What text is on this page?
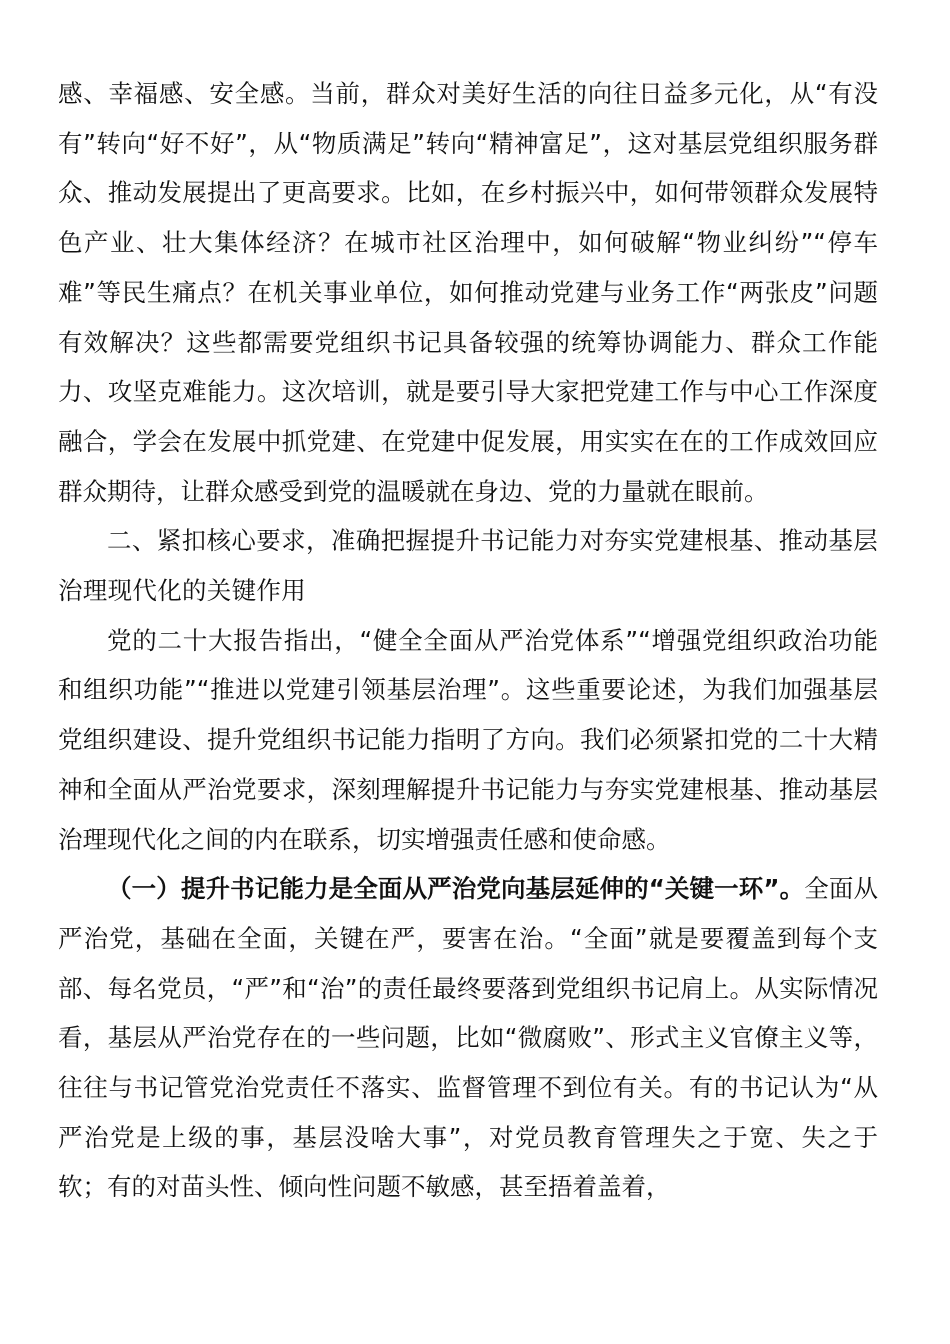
感、幸福感、安全感。当前，群众对美好生活的向往日益多元化，从“有没有”转向“好不好”，从“物质满足”转向“精神富足”，这对基层党组织服务群众、推动发展提出了更高要求。比如，在乡村振兴中，如何带领群众发展特色产业、壮大集体经济？在城市社区治理中，如何破解“物业纠纷”“停车难”等民生痛点？在机关事业单位，如何推动党建与业务工作“两张皮”问题有效解决？这些都需要党组织书记具备较强的统筹协调能力、群众工作能力、攻坚克难能力。这次培训，就是要引导大家把党建工作与中心工作深度融合，学会在发展中抓党建、在党建中促发展，用实实在在的工作成效回应群众期待，让群众感受到党的温暖就在身边、党的力量就在眼前。

二、紧扣核心要求，准确把握提升书记能力对夯实党建根基、推动基层治理现代化的关键作用

党的二十大报告指出，“健全全面从严治党体系”“增强党组织政治功能和组织功能”“推进以党建引领基层治理”。这些重要论述，为我们加强基层党组织建设、提升党组织书记能力指明了方向。我们必须紧扣党的二十大精神和全面从严治党要求，深刻理解提升书记能力与夯实党建根基、推动基层治理现代化之间的内在联系，切实增强责任感和使命感。

（一）提升书记能力是全面从严治党向基层延伸的“关键一环”。全面从严治党，基础在全面，关键在严，要害在治。“全面”就是要覆盖到每个支部、每名党员，“严”和“治”的责任最终要落到党组织书记肩上。从实际情况看，基层从严治党存在的一些问题，比如“微腐败”、形式主义官僚主义等，往往与书记管党治党责任不落实、监督管理不到位有关。有的书记认为“从严治党是上级的事，基层没啥大事”，对党员教育管理失之于宽、失之于软；有的对苗头性、倾向性问题不敏感，甚至捂着盖着，
